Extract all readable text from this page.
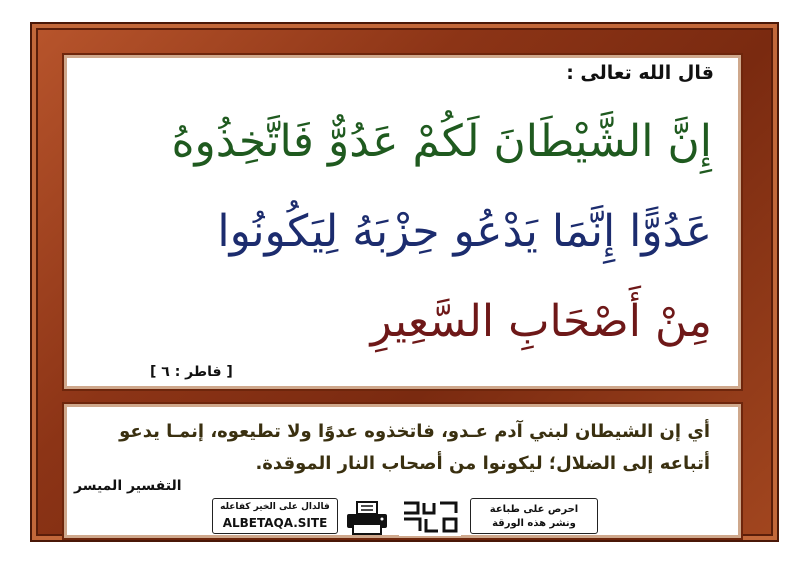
قال الله تعالى :
إِنَّ الشَّيْطَانَ لَكُمْ عَدُوٌّ فَاتَّخِذُوهُ
عَدُوًّا إِنَّمَا يَدْعُو حِزْبَهُ لِيَكُونُوا
مِنْ أَصْحَابِ السَّعِيرِ
[ فاطر : ٦ ]
أي إن الشيطان لبني آدم عـدو، فاتخذوه عدوًا ولا تطيعوه، إنمـا يدعو أتباعه إلى الضلال؛ ليكونوا من أصحاب النار الموقدة.
التفسير الميسر
فالدال على الخير كفاعله
ALBETAQA.SITE
احرص على طباعة
ونشر هذه الورقة
